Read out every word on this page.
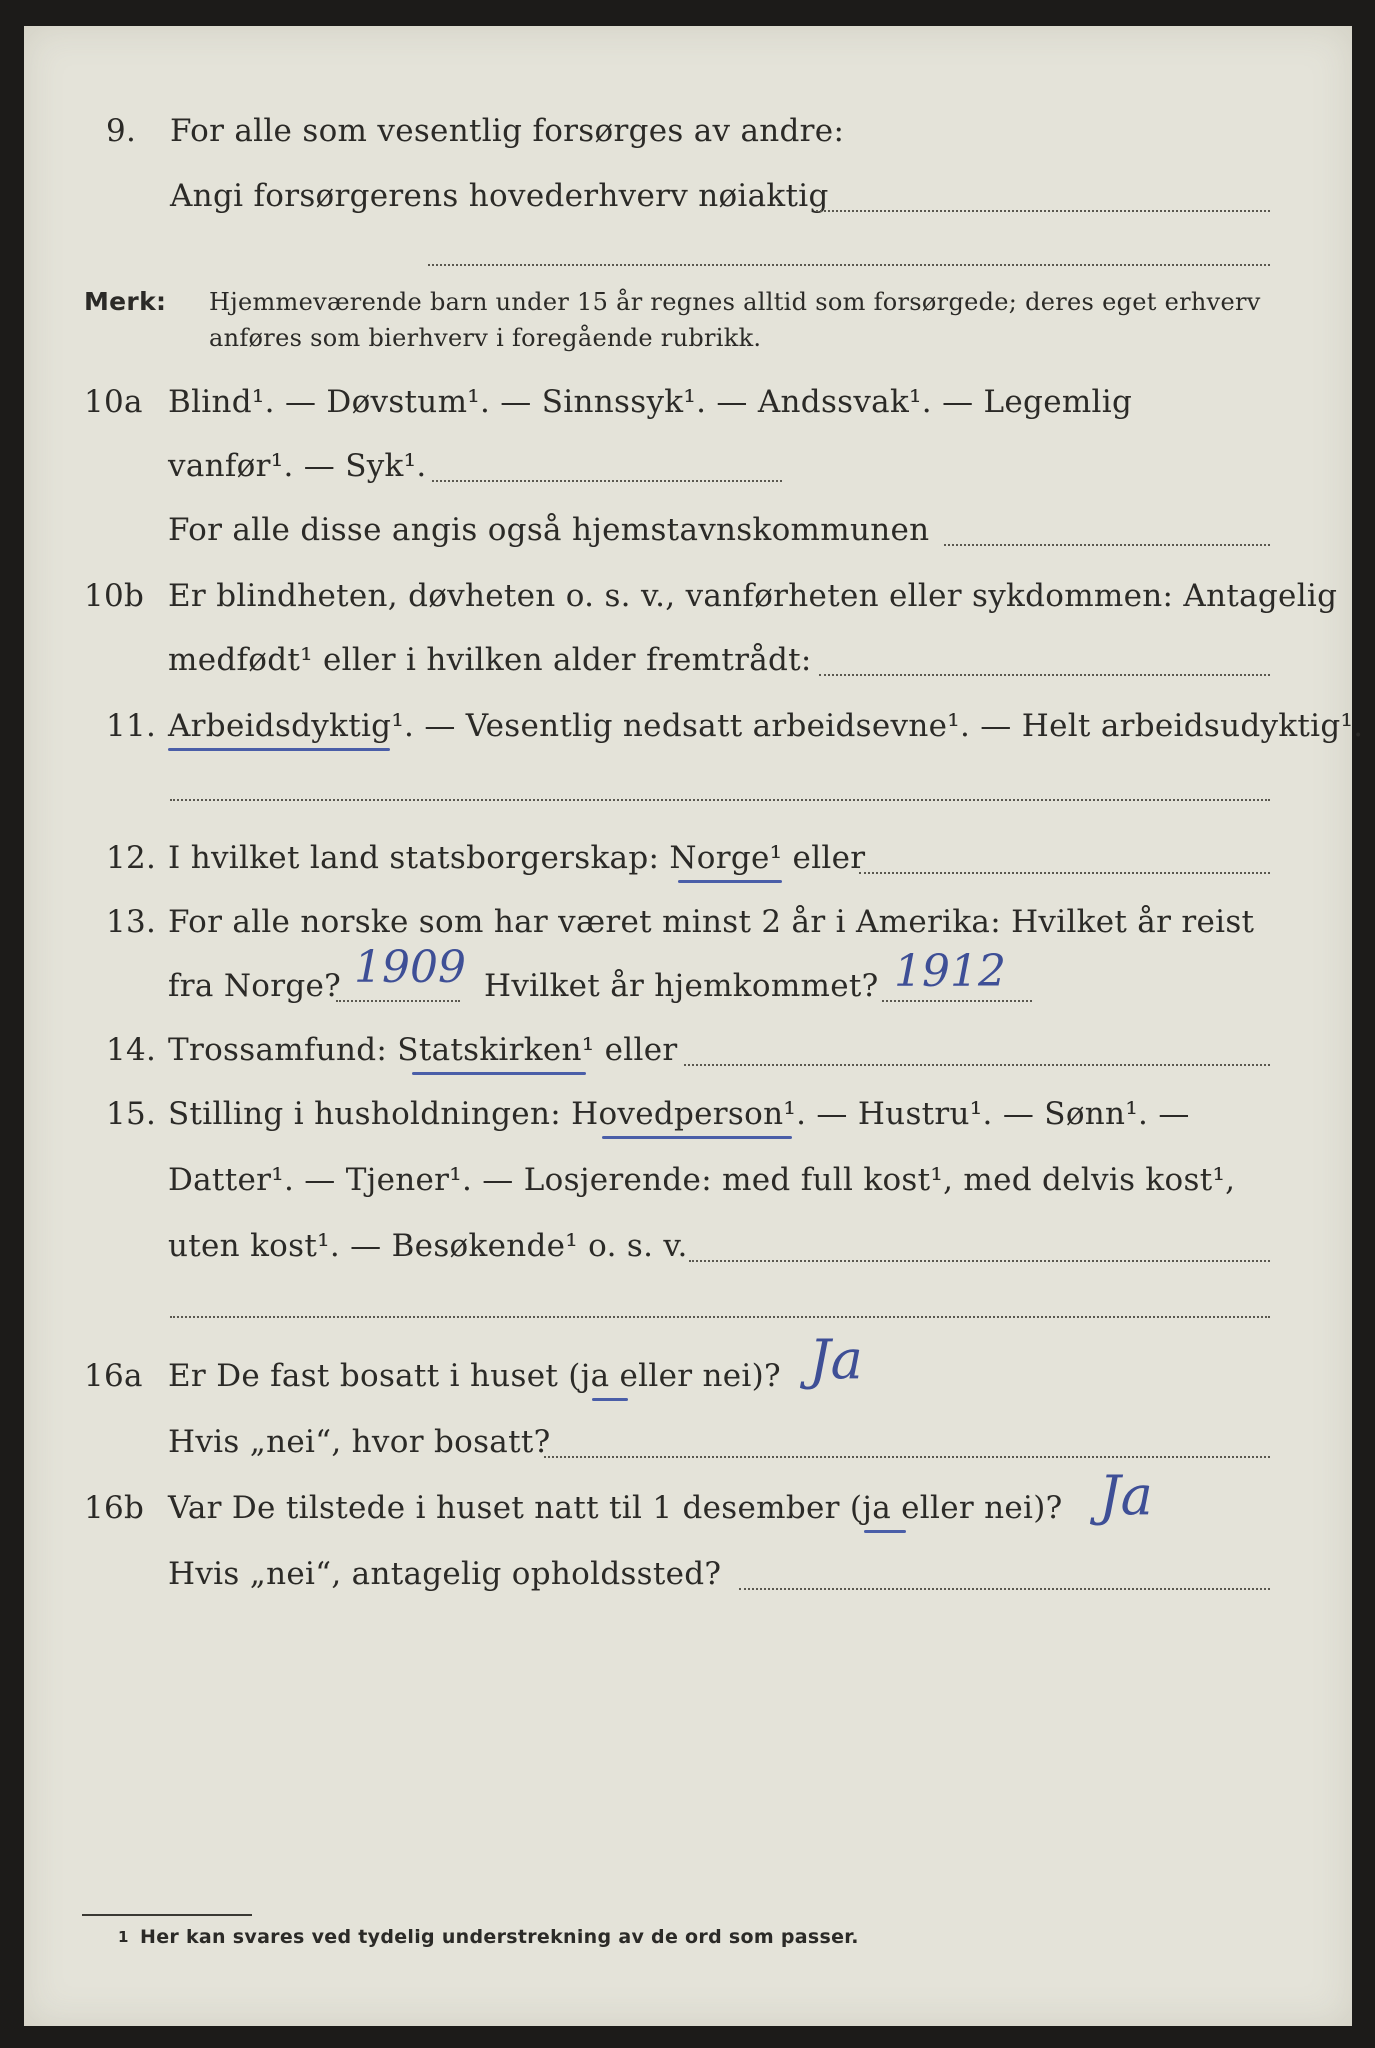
9. For alle som vesentlig forsørges av andre:
Angi forsørgerens hovederhverv nøiaktig
Merk: Hjemmeværende barn under 15 år regnes alltid som forsørgede; deres eget erhverv
anføres som bierhverv i foregående rubrikk.
10a Blind¹. — Døvstum¹. — Sinnssyk¹. — Andssvak¹. — Legemlig
vanfør¹. — Syk¹.
For alle disse angis også hjemstavnskommunen
10b Er blindheten, døvheten o. s. v., vanførheten eller sykdommen: Antagelig
medfødt¹ eller i hvilken alder fremtrådt:
11. Arbeidsdyktig¹. — Vesentlig nedsatt arbeidsevne¹. — Helt arbeidsudyktig¹.
12. I hvilket land statsborgerskap: Norge¹ eller
13. For alle norske som har været minst 2 år i Amerika: Hvilket år reist
fra Norge? 1909 Hvilket år hjemkommet? 1912
14. Trossamfund: Statskirken¹ eller
15. Stilling i husholdningen: Hovedperson¹. — Hustru¹. — Sønn¹. —
Datter¹. — Tjener¹. — Losjerende: med full kost¹, med delvis kost¹,
uten kost¹. — Besøkende¹ o. s. v.
16a Er De fast bosatt i huset (ja eller nei)? Ja
Hvis „nei“, hvor bosatt?
16b Var De tilstede i huset natt til 1 desember (ja eller nei)? Ja
Hvis „nei“, antagelig opholdssted?
1 Her kan svares ved tydelig understrekning av de ord som passer.
